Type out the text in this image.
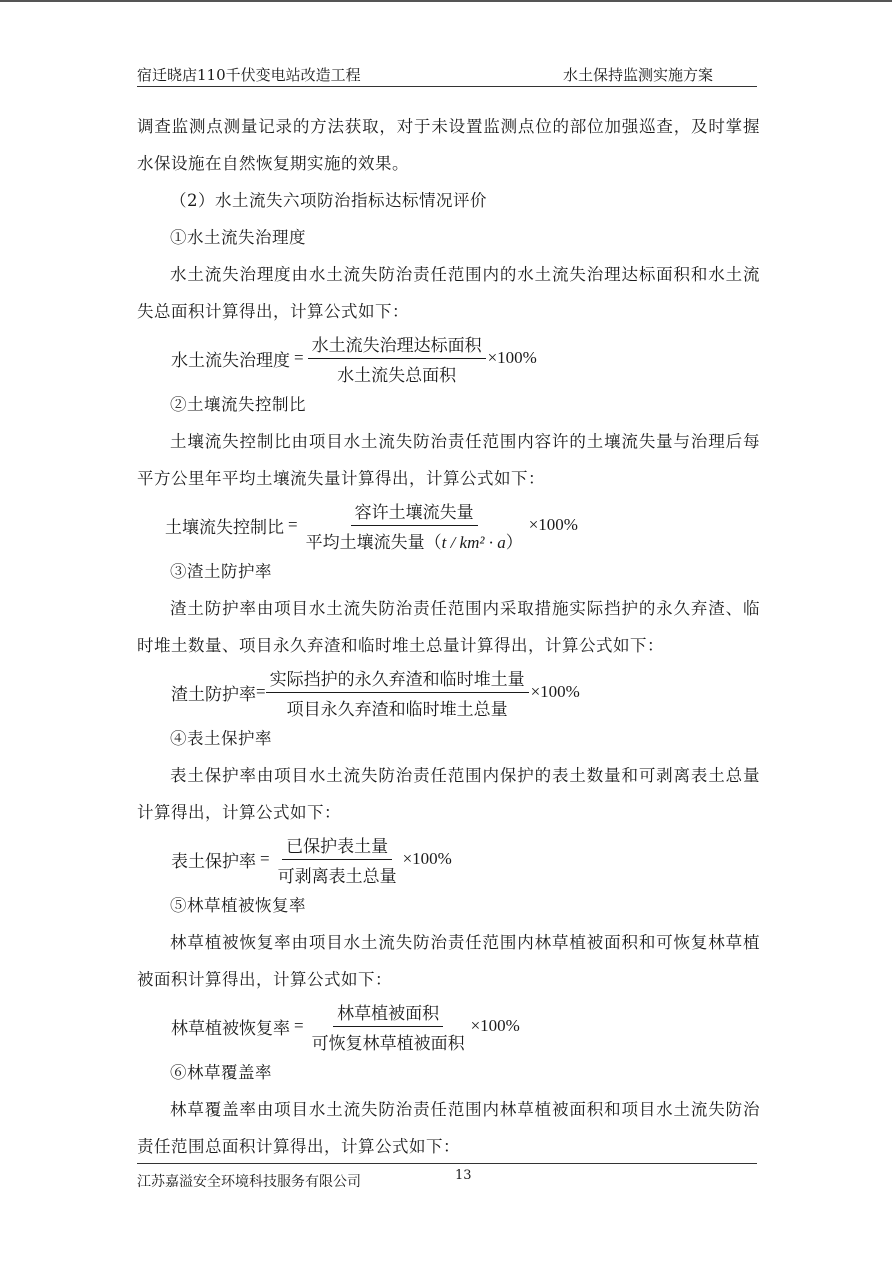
宿迁晓店110千伏变电站改造工程	水土保持监测实施方案

调查监测点测量记录的方法获取，对于未设置监测点位的部位加强巡查，及时掌握水保设施在自然恢复期实施的效果。

（2）水土流失六项防治指标达标情况评价

①水土流失治理度

水土流失治理度由水土流失防治责任范围内的水土流失治理达标面积和水土流失总面积计算得出，计算公式如下：

水土流失治理度 = $\frac{\text{水土流失治理达标面积}}{\text{水土流失总面积}} \times 100\%$

②土壤流失控制比

土壤流失控制比由项目水土流失防治责任范围内容许的土壤流失量与治理后每平方公里年平均土壤流失量计算得出，计算公式如下：

土壤流失控制比 = $\frac{\text{容许土壤流失量}}{\text{平均土壤流失量（t / km² · a）}} \times 100\%$

③渣土防护率

渣土防护率由项目水土流失防治责任范围内采取措施实际挡护的永久弃渣、临时堆土数量、项目永久弃渣和临时堆土总量计算得出，计算公式如下：

渣土防护率 = $\frac{\text{实际挡护的永久弃渣和临时堆土量}}{\text{项目永久弃渣和临时堆土总量}} \times 100\%$

④表土保护率

表土保护率由项目水土流失防治责任范围内保护的表土数量和可剥离表土总量计算得出，计算公式如下：

表土保护率 = $\frac{\text{已保护表土量}}{\text{可剥离表土总量}} \times 100\%$

⑤林草植被恢复率

林草植被恢复率由项目水土流失防治责任范围内林草植被面积和可恢复林草植被面积计算得出，计算公式如下：

林草植被恢复率 = $\frac{\text{林草植被面积}}{\text{可恢复林草植被面积}} \times 100\%$

⑥林草覆盖率

林草覆盖率由项目水土流失防治责任范围内林草植被面积和项目水土流失防治责任范围总面积计算得出，计算公式如下：

江苏嘉溢安全环境科技服务有限公司	13
